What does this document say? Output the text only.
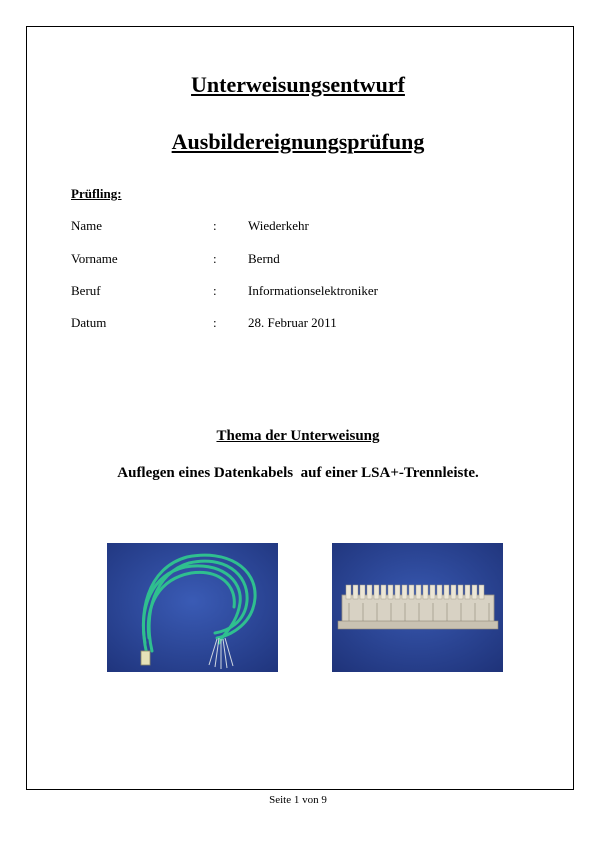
Unterweisungsentwurf
Ausbildereignungsprüfung
Prüfling:
Name	: Wiederkehr
Vorname	: Bernd
Beruf	: Informationselektroniker
Datum	: 28. Februar 2011
Thema der Unterweisung
Auflegen eines Datenkabels  auf einer LSA+-Trennleiste.
Seite 1 von 9
